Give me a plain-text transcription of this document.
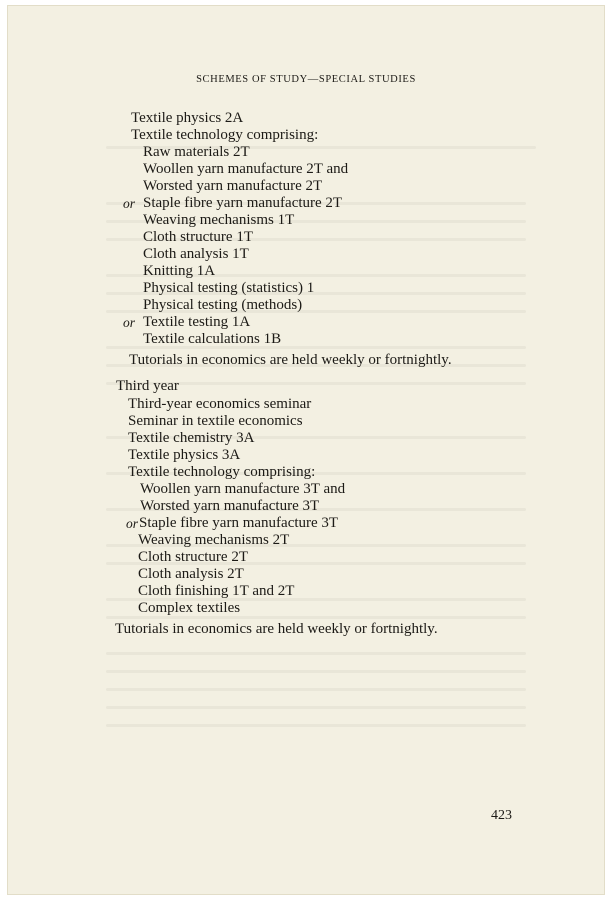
SCHEMES OF STUDY—SPECIAL STUDIES
Textile physics 2A
Textile technology comprising:
Raw materials 2T
Woollen yarn manufacture 2T and
Worsted yarn manufacture 2T
or Staple fibre yarn manufacture 2T
Weaving mechanisms 1T
Cloth structure 1T
Cloth analysis 1T
Knitting 1A
Physical testing (statistics) 1
Physical testing (methods)
or Textile testing 1A
Textile calculations 1B
Tutorials in economics are held weekly or fortnightly.
Third year
Third-year economics seminar
Seminar in textile economics
Textile chemistry 3A
Textile physics 3A
Textile technology comprising:
Woollen yarn manufacture 3T and
Worsted yarn manufacture 3T
or Staple fibre yarn manufacture 3T
Weaving mechanisms 2T
Cloth structure 2T
Cloth analysis 2T
Cloth finishing 1T and 2T
Complex textiles
Tutorials in economics are held weekly or fortnightly.
423
